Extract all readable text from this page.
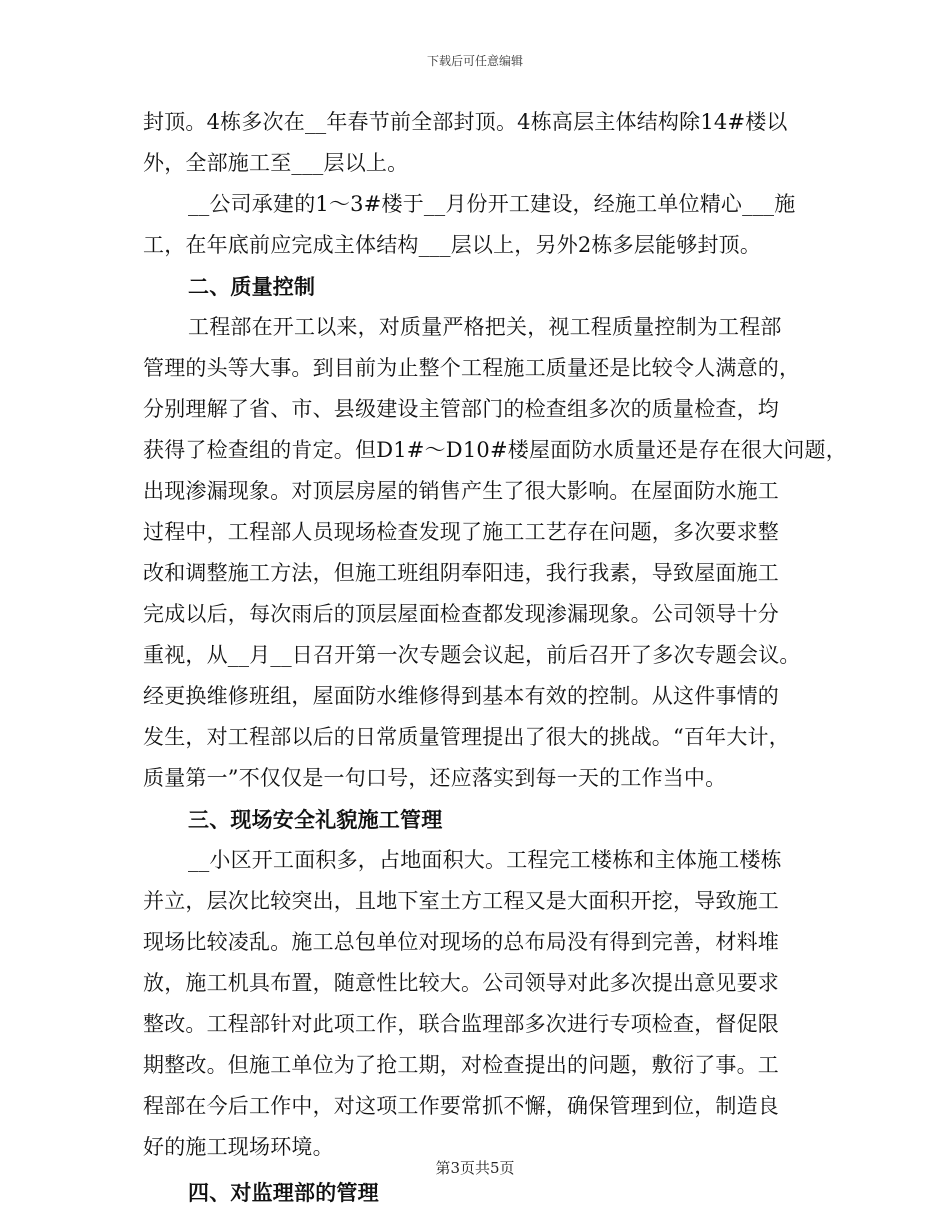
下载后可任意编辑
封顶。4栋多次在__年春节前全部封顶。4栋高层主体结构除14#楼以
外，全部施工至___层以上。
__公司承建的1～3#楼于__月份开工建设，经施工单位精心___施
工，在年底前应完成主体结构___层以上，另外2栋多层能够封顶。
二、质量控制
工程部在开工以来，对质量严格把关，视工程质量控制为工程部
管理的头等大事。到目前为止整个工程施工质量还是比较令人满意的，
分别理解了省、市、县级建设主管部门的检查组多次的质量检查，均
获得了检查组的肯定。但D1#～D10#楼屋面防水质量还是存在很大问题，
出现渗漏现象。对顶层房屋的销售产生了很大影响。在屋面防水施工
过程中，工程部人员现场检查发现了施工工艺存在问题，多次要求整
改和调整施工方法，但施工班组阴奉阳违，我行我素，导致屋面施工
完成以后，每次雨后的顶层屋面检查都发现渗漏现象。公司领导十分
重视，从__月__日召开第一次专题会议起，前后召开了多次专题会议。
经更换维修班组，屋面防水维修得到基本有效的控制。从这件事情的
发生，对工程部以后的日常质量管理提出了很大的挑战。“百年大计，
质量第一”不仅仅是一句口号，还应落实到每一天的工作当中。
三、现场安全礼貌施工管理
__小区开工面积多，占地面积大。工程完工楼栋和主体施工楼栋
并立，层次比较突出，且地下室土方工程又是大面积开挖，导致施工
现场比较凌乱。施工总包单位对现场的总布局没有得到完善，材料堆
放，施工机具布置，随意性比较大。公司领导对此多次提出意见要求
整改。工程部针对此项工作，联合监理部多次进行专项检查，督促限
期整改。但施工单位为了抢工期，对检查提出的问题，敷衍了事。工
程部在今后工作中，对这项工作要常抓不懈，确保管理到位，制造良
好的施工现场环境。
四、对监理部的管理
第3页共5页
